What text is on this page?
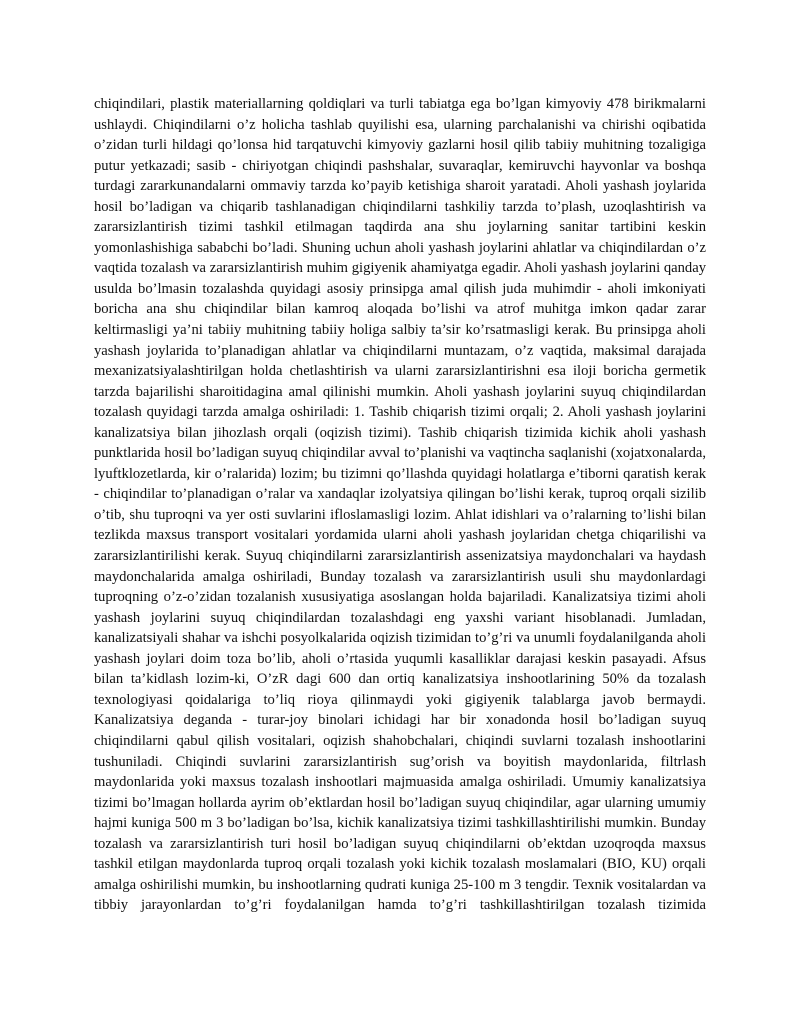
chiqindilari, plastik materiallarning qoldiqlari va turli tabiatga ega bo’lgan kimyoviy 478 birikmalarni ushlaydi. Chiqindilarni o’z holicha tashlab quyilishi esa, ularning parchalanishi va chirishi oqibatida o’zidan turli hildagi qo’lonsa hid tarqatuvchi kimyoviy gazlarni hosil qilib tabiiy muhitning tozaligiga putur yetkazadi; sasib - chiriyotgan chiqindi pashshalar, suvaraqlar, kemiruvchi hayvonlar va boshqa turdagi zararkunandalarni ommaviy tarzda ko’payib ketishiga sharoit yaratadi. Aholi yashash joylarida hosil bo’ladigan va chiqarib tashlanadigan chiqindilarni tashkiliy tarzda to’plash, uzoqlashtirish va zararsizlantirish tizimi tashkil etilmagan taqdirda ana shu joylarning sanitar tartibini keskin yomonlashishiga sababchi bo’ladi. Shuning uchun aholi yashash joylarini ahlatlar va chiqindilardan o’z vaqtida tozalash va zararsizlantirish muhim gigiyenik ahamiyatga egadir. Aholi yashash joylarini qanday usulda bo’lmasin tozalashda quyidagi asosiy prinsipga amal qilish juda muhimdir - aholi imkoniyati boricha ana shu chiqindilar bilan kamroq aloqada bo’lishi va atrof muhitga imkon qadar zarar keltirmasligi ya’ni tabiiy muhitning tabiiy holiga salbiy ta’sir ko’rsatmasligi kerak. Bu prinsipga aholi yashash joylarida to’planadigan ahlatlar va chiqindilarni muntazam, o’z vaqtida, maksimal darajada mexanizatsiyalashtirilgan holda chetlashtirish va ularni zararsizlantirishni esa iloji boricha germetik tarzda bajarilishi sharoitidagina amal qilinishi mumkin. Aholi yashash joylarini suyuq chiqindilardan tozalash quyidagi tarzda amalga oshiriladi: 1. Tashib chiqarish tizimi orqali; 2. Aholi yashash joylarini kanalizatsiya bilan jihozlash orqali (oqizish tizimi). Tashib chiqarish tizimida kichik aholi yashash punktlarida hosil bo’ladigan suyuq chiqindilar avval to’planishi va vaqtincha saqlanishi (xojatxonalarda, lyuftklozetlarda, kir o’ralarida) lozim; bu tizimni qo’llashda quyidagi holatlarga e’tiborni qaratish kerak - chiqindilar to’planadigan o’ralar va xandaqlar izolyatsiya qilingan bo’lishi kerak, tuproq orqali sizilib o’tib, shu tuproqni va yer osti suvlarini ifloslamasligi lozim. Ahlat idishlari va o’ralarning to’lishi bilan tezlikda maxsus transport vositalari yordamida ularni aholi yashash joylaridan chetga chiqarilishi va zararsizlantirilishi kerak. Suyuq chiqindilarni zararsizlantirish assenizatsiya maydonchalari va haydash maydonchalarida amalga oshiriladi, Bunday tozalash va zararsizlantirish usuli shu maydonlardagi tuproqning o’z-o’zidan tozalanish xususiyatiga asoslangan holda bajariladi. Kanalizatsiya tizimi aholi yashash joylarini suyuq chiqindilardan tozalashdagi eng yaxshi variant hisoblanadi. Jumladan, kanalizatsiyali shahar va ishchi posyolkalarida oqizish tizimidan to’g’ri va unumli foydalanilganda aholi yashash joylari doim toza bo’lib, aholi o’rtasida yuqumli kasalliklar darajasi keskin pasayadi. Afsus bilan ta’kidlash lozim-ki, O’zR dagi 600 dan ortiq kanalizatsiya inshootlarining 50% da tozalash texnologiyasi qoidalariga to’liq rioya qilinmaydi yoki gigiyenik talablarga javob bermaydi. Kanalizatsiya deganda - turar-joy binolari ichidagi har bir xonadonda hosil bo’ladigan suyuq chiqindilarni qabul qilish vositalari, oqizish shahobchalari, chiqindi suvlarni tozalash inshootlarini tushuniladi. Chiqindi suvlarini zararsizlantirish sug’orish va boyitish maydonlarida, filtrlash maydonlarida yoki maxsus tozalash inshootlari majmuasida amalga oshiriladi. Umumiy kanalizatsiya tizimi bo’lmagan hollarda ayrim ob’ektlardan hosil bo’ladigan suyuq chiqindilar, agar ularning umumiy hajmi kuniga 500 m 3 bo’ladigan bo’lsa, kichik kanalizatsiya tizimi tashkillashtirilishi mumkin. Bunday tozalash va zararsizlantirish turi hosil bo’ladigan suyuq chiqindilarni ob’ektdan uzoqroqda maxsus tashkil etilgan maydonlarda tuproq orqali tozalash yoki kichik tozalash moslamalari (BIO, KU) orqali amalga oshirilishi mumkin, bu inshootlarning qudrati kuniga 25-100 m 3 tengdir. Texnik vositalardan va tibbiy jarayonlardan to’g’ri foydalanilgan hamda to’g’ri tashkillashtirilgan tozalash tizimida
